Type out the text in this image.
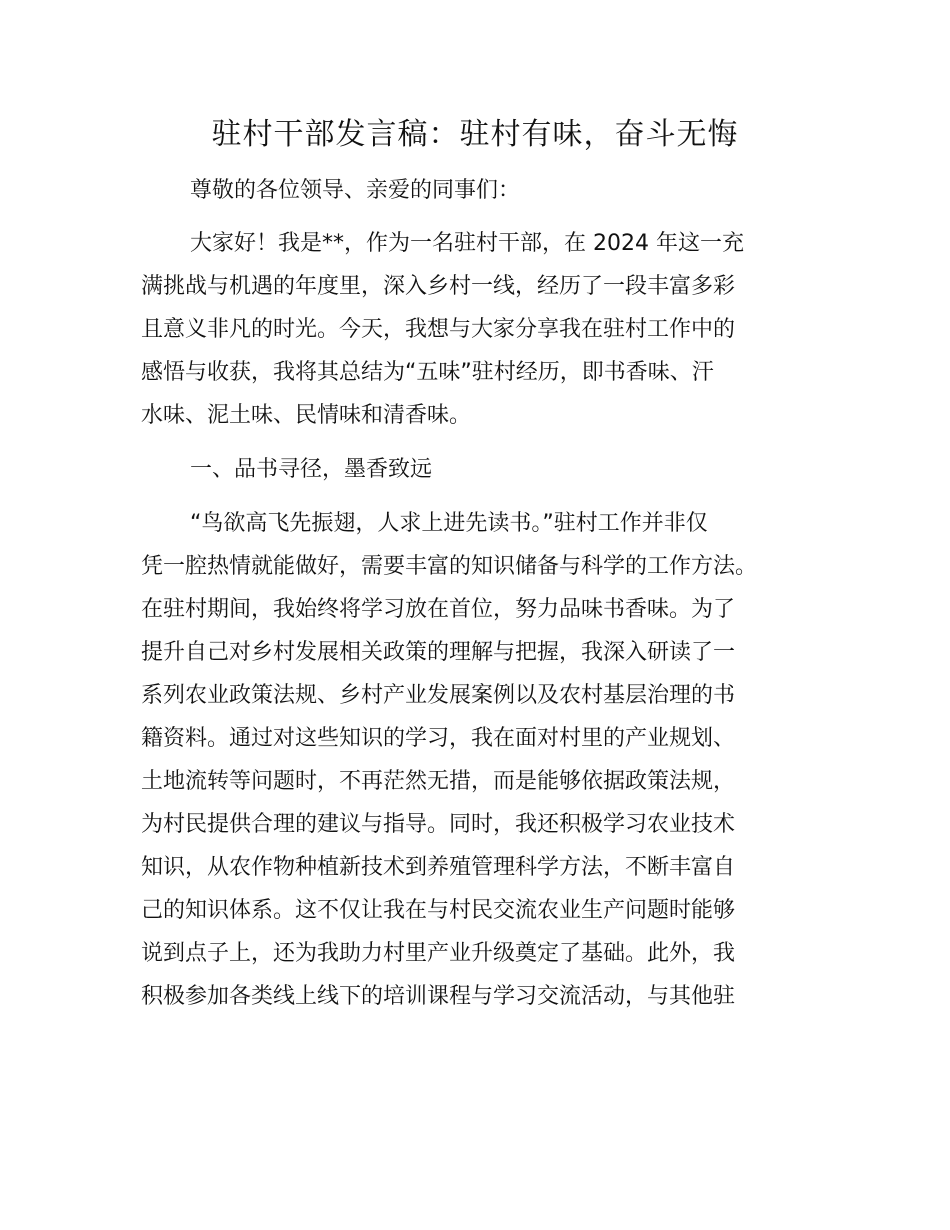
驻村干部发言稿：驻村有味，奋斗无悔

尊敬的各位领导、亲爱的同事们：

大家好！我是**，作为一名驻村干部，在 2024 年这一充

满挑战与机遇的年度里，深入乡村一线，经历了一段丰富多彩

且意义非凡的时光。今天，我想与大家分享我在驻村工作中的

感悟与收获，我将其总结为“五味”驻村经历，即书香味、汗

水味、泥土味、民情味和清香味。

一、品书寻径，墨香致远

“鸟欲高飞先振翅，人求上进先读书。”驻村工作并非仅

凭一腔热情就能做好，需要丰富的知识储备与科学的工作方法。

在驻村期间，我始终将学习放在首位，努力品味书香味。为了

提升自己对乡村发展相关政策的理解与把握，我深入研读了一

系列农业政策法规、乡村产业发展案例以及农村基层治理的书

籍资料。通过对这些知识的学习，我在面对村里的产业规划、

土地流转等问题时，不再茫然无措，而是能够依据政策法规，

为村民提供合理的建议与指导。同时，我还积极学习农业技术

知识，从农作物种植新技术到养殖管理科学方法，不断丰富自

己的知识体系。这不仅让我在与村民交流农业生产问题时能够

说到点子上，还为我助力村里产业升级奠定了基础。此外，我

积极参加各类线上线下的培训课程与学习交流活动，与其他驻
